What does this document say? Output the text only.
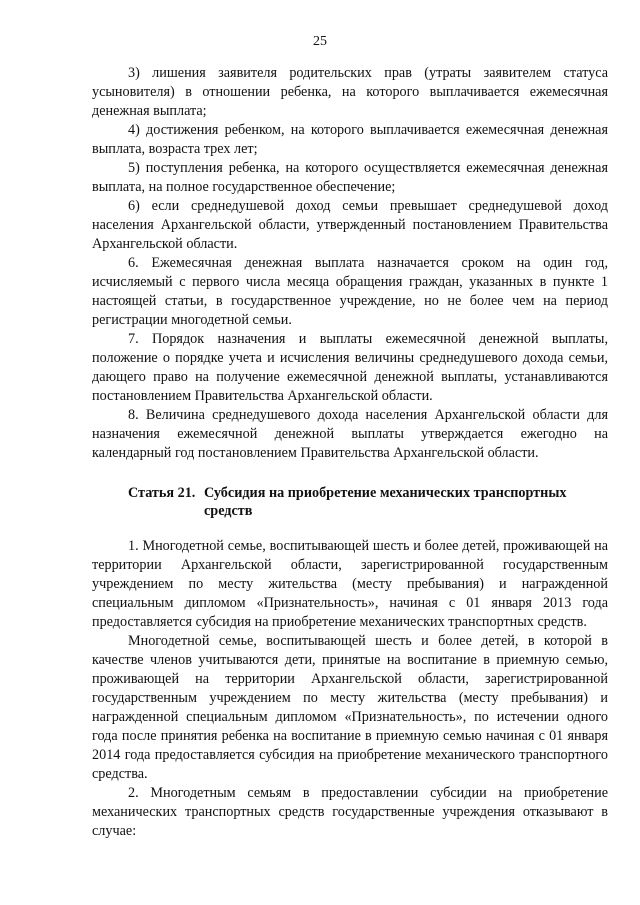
25

3) лишения заявителя родительских прав (утраты заявителем статуса усыновителя) в отношении ребенка, на которого выплачивается ежемесячная денежная выплата;

4) достижения ребенком, на которого выплачивается ежемесячная денежная выплата, возраста трех лет;

5) поступления ребенка, на которого осуществляется ежемесячная денежная выплата, на полное государственное обеспечение;

6) если среднедушевой доход семьи превышает среднедушевой доход населения Архангельской области, утвержденный постановлением Правительства Архангельской области.

6. Ежемесячная денежная выплата назначается сроком на один год, исчисляемый с первого числа месяца обращения граждан, указанных в пункте 1 настоящей статьи, в государственное учреждение, но не более чем на период регистрации многодетной семьи.

7. Порядок назначения и выплаты ежемесячной денежной выплаты, положение о порядке учета и исчисления величины среднедушевого дохода семьи, дающего право на получение ежемесячной денежной выплаты, устанавливаются постановлением Правительства Архангельской области.

8. Величина среднедушевого дохода населения Архангельской области для назначения ежемесячной денежной выплаты утверждается ежегодно на календарный год постановлением Правительства Архангельской области.

Статья 21. Субсидия на приобретение механических транспортных средств

1. Многодетной семье, воспитывающей шесть и более детей, проживающей на территории Архангельской области, зарегистрированной государственным учреждением по месту жительства (месту пребывания) и награжденной специальным дипломом «Признательность», начиная с 01 января 2013 года предоставляется субсидия на приобретение механических транспортных средств.

Многодетной семье, воспитывающей шесть и более детей, в которой в качестве членов учитываются дети, принятые на воспитание в приемную семью, проживающей на территории Архангельской области, зарегистрированной государственным учреждением по месту жительства (месту пребывания) и награжденной специальным дипломом «Признательность», по истечении одного года после принятия ребенка на воспитание в приемную семью начиная с 01 января 2014 года предоставляется субсидия на приобретение механического транспортного средства.

2. Многодетным семьям в предоставлении субсидии на приобретение механических транспортных средств государственные учреждения отказывают в случае:
